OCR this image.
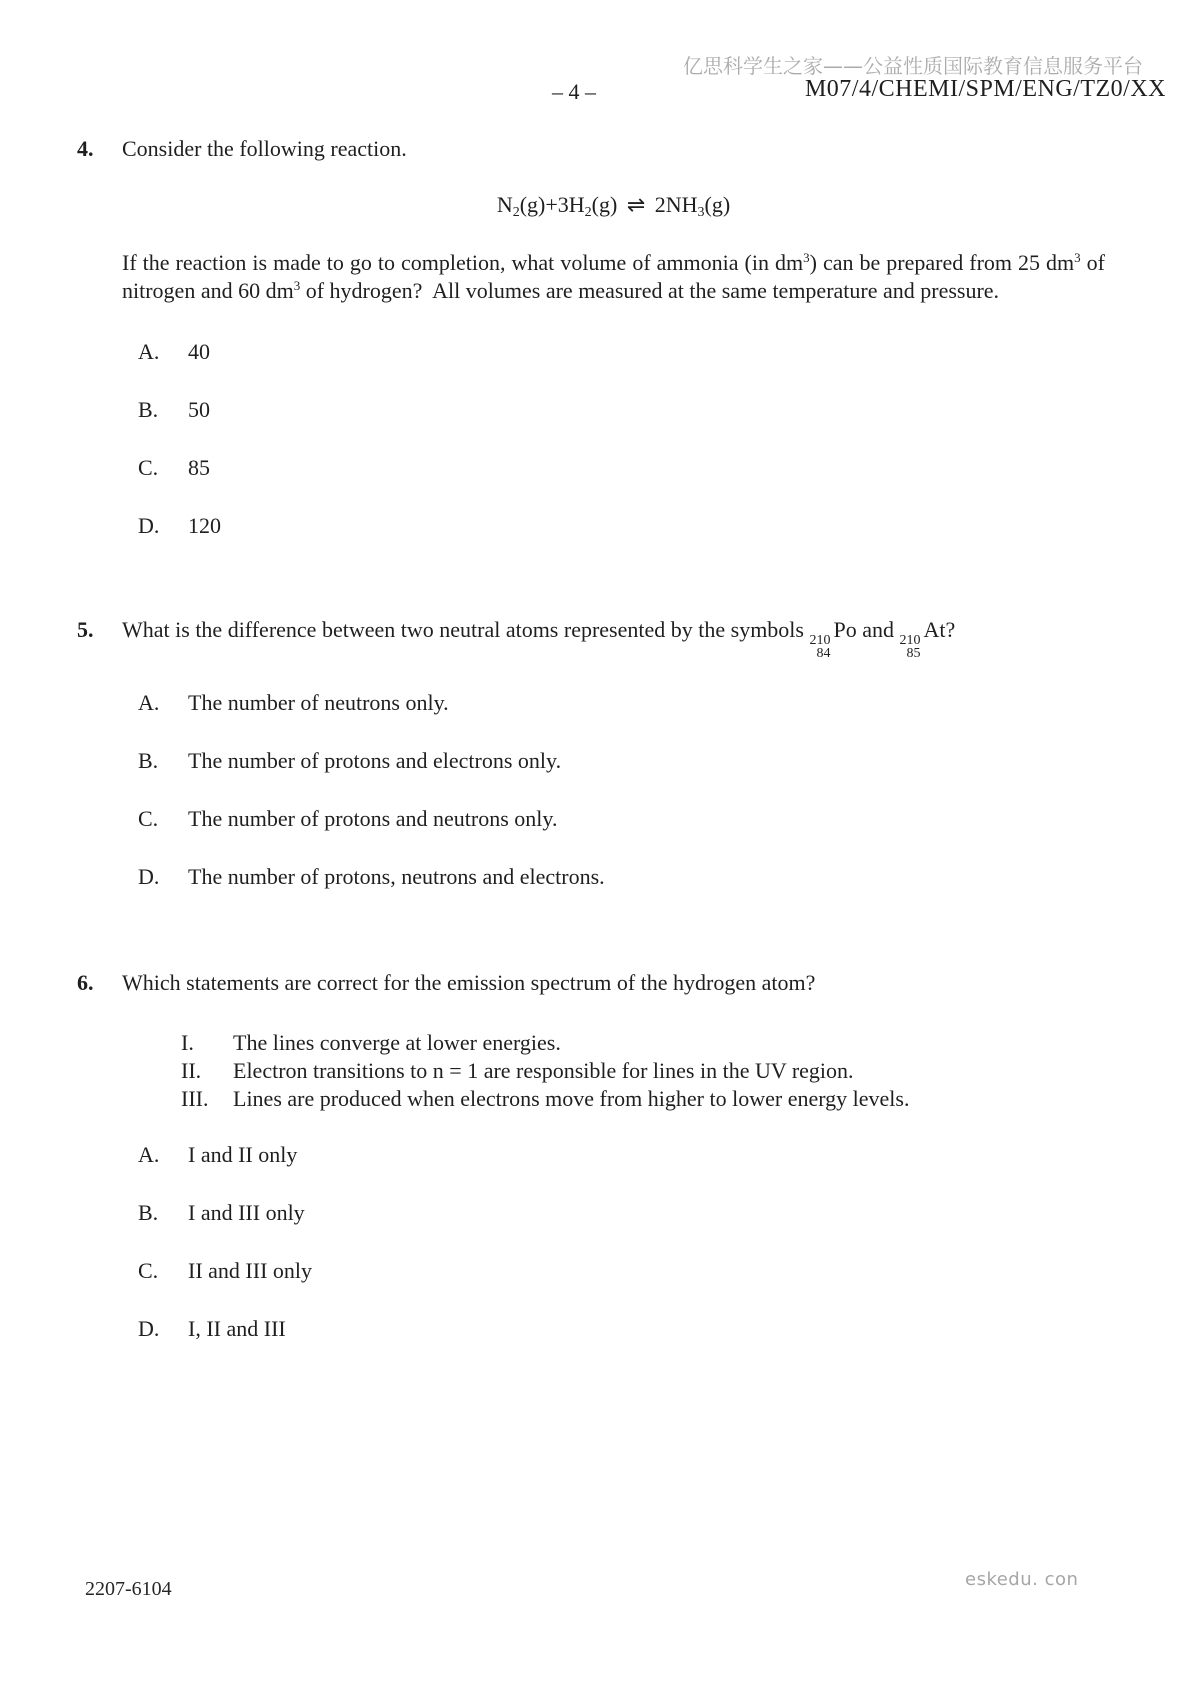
亿思科学生之家——公益性质国际教育信息服务平台
– 4 –	M07/4/CHEMI/SPM/ENG/TZ0/XX
4.	Consider the following reaction.
$N_2(g)+3H_2(g)$ ⇌ $2NH_3(g)$
If the reaction is made to go to completion, what volume of ammonia (in $dm^3$) can be prepared from 25 $dm^3$ of nitrogen and 60 $dm^3$ of hydrogen?  All volumes are measured at the same temperature and pressure.
A.	40
B.	50
C.	85
D.	120
5.	What is the difference between two neutral atoms represented by the symbols 210
84
Po and 210
85
At?
A.	The number of neutrons only.
B.	The number of protons and electrons only.
C.	The number of protons and neutrons only.
D.	The number of protons, neutrons and electrons.
6.	Which statements are correct for the emission spectrum of the hydrogen atom?
I.	The lines converge at lower energies.
II.	Electron transitions to n = 1 are responsible for lines in the UV region.
III.	Lines are produced when electrons move from higher to lower energy levels.
A.	I and II only
B.	I and III only
C.	II and III only
D.	I, II and III
2207-6104	eskedu. con
